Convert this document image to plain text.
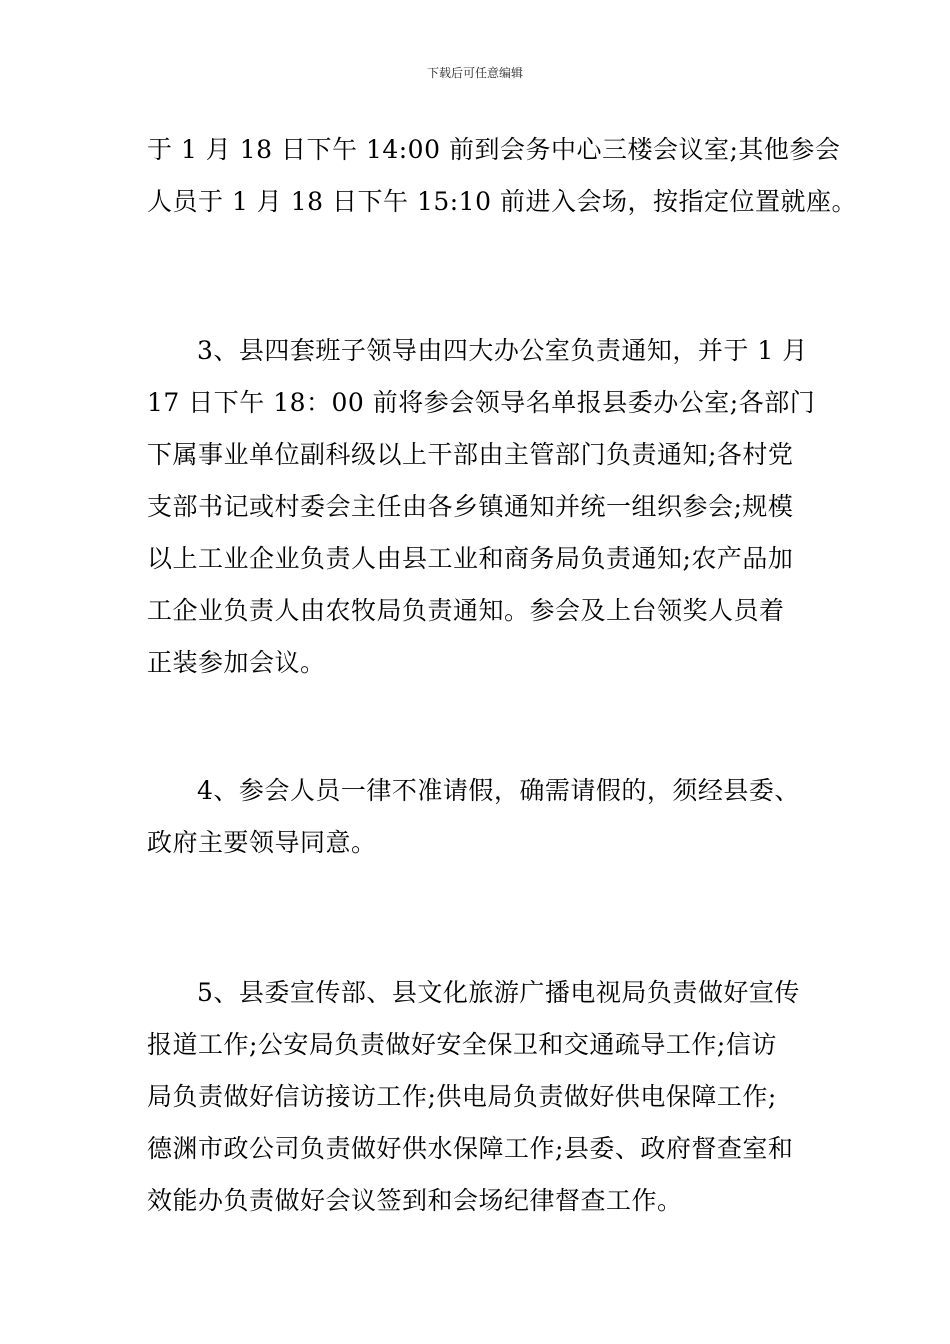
下载后可任意编辑
于 1 月 18 日下午 14:00 前到会务中心三楼会议室;其他参会
人员于 1 月 18 日下午 15:10 前进入会场，按指定位置就座。
3、县四套班子领导由四大办公室负责通知，并于 1 月
17 日下午 18：00 前将参会领导名单报县委办公室;各部门
下属事业单位副科级以上干部由主管部门负责通知;各村党
支部书记或村委会主任由各乡镇通知并统一组织参会;规模
以上工业企业负责人由县工业和商务局负责通知;农产品加
工企业负责人由农牧局负责通知。参会及上台领奖人员着
正装参加会议。
4、参会人员一律不准请假，确需请假的，须经县委、
政府主要领导同意。
5、县委宣传部、县文化旅游广播电视局负责做好宣传
报道工作;公安局负责做好安全保卫和交通疏导工作;信访
局负责做好信访接访工作;供电局负责做好供电保障工作;
德渊市政公司负责做好供水保障工作;县委、政府督查室和
效能办负责做好会议签到和会场纪律督查工作。
